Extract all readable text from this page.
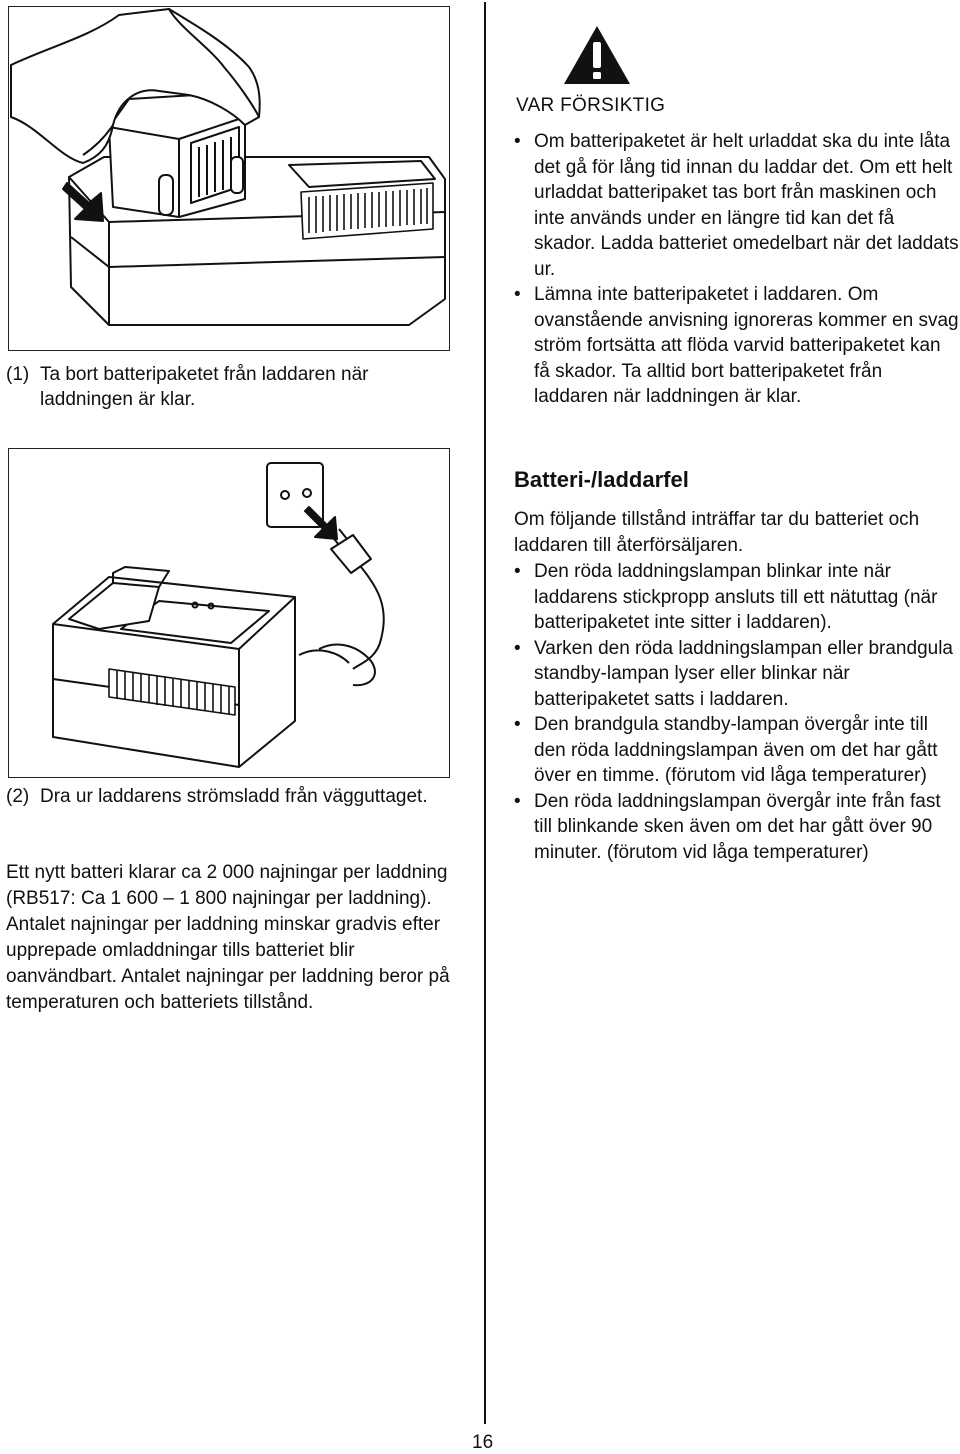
(1) Ta bort batteripaketet från laddaren när laddningen är klar.
(2) Dra ur laddarens strömsladd från vägguttaget.
Ett nytt batteri klarar ca 2 000 najningar per laddning (RB517: Ca 1 600 – 1 800 najningar per laddning). Antalet najningar per laddning minskar gradvis efter upprepade omladdningar tills batteriet blir oanvändbart. Antalet najningar per laddning beror på temperaturen och batteriets tillstånd.
VAR FÖRSIKTIG
• Om batteripaketet är helt urladdat ska du inte låta det gå för lång tid innan du laddar det. Om ett helt urladdat batteripaket tas bort från maskinen och inte används under en längre tid kan det få skador. Ladda batteriet omedelbart när det laddats ur.
• Lämna inte batteripaketet i laddaren. Om ovanstående anvisning ignoreras kommer en svag ström fortsätta att flöda varvid batteripaketet kan få skador. Ta alltid bort batteripaketet från laddaren när laddningen är klar.
Batteri-/laddarfel
Om följande tillstånd inträffar tar du batteriet och laddaren till återförsäljaren.
• Den röda laddningslampan blinkar inte när laddarens stickpropp ansluts till ett nätuttag (när batteripaketet inte sitter i laddaren).
• Varken den röda laddningslampan eller brandgula standby-lampan lyser eller blinkar när batteripaketet satts i laddaren.
• Den brandgula standby-lampan övergår inte till den röda laddningslampan även om det har gått över en timme. (förutom vid låga temperaturer)
• Den röda laddningslampan övergår inte från fast till blinkande sken även om det har gått över 90 minuter. (förutom vid låga temperaturer)
16
